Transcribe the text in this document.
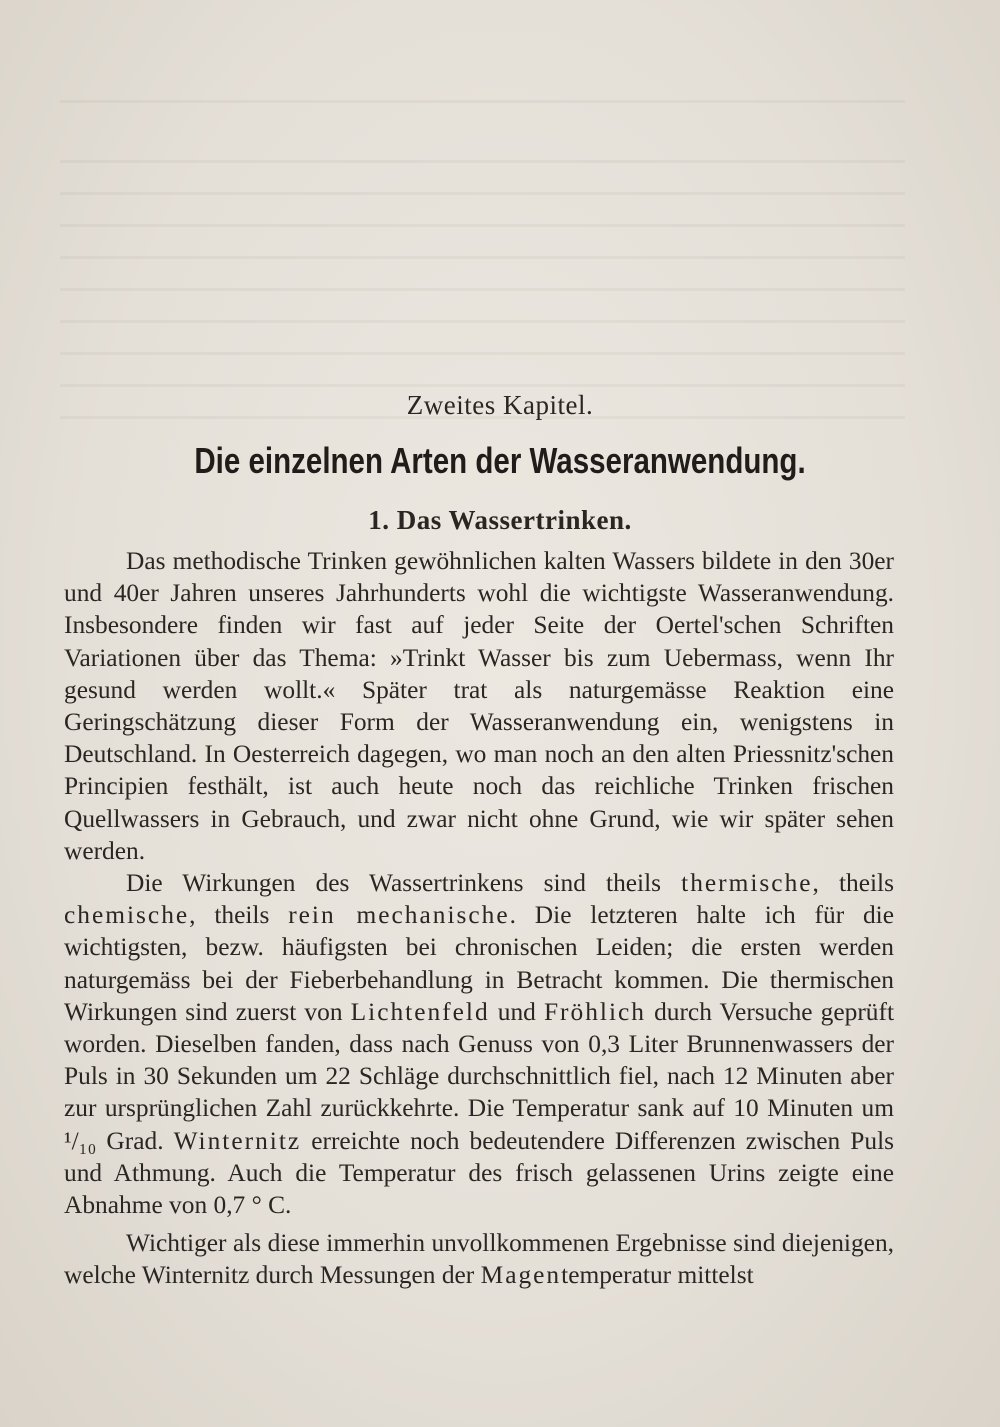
Zweites Kapitel.
Die einzelnen Arten der Wasseranwendung.
1. Das Wassertrinken.

Das methodische Trinken gewöhnlichen kalten Wassers bildete in den 30er und 40er Jahren unseres Jahrhunderts wohl die wichtigste Wasseranwendung. Insbesondere finden wir fast auf jeder Seite der Oertel'schen Schriften Variationen über das Thema: »Trinkt Wasser bis zum Uebermass, wenn Ihr gesund werden wollt.« Später trat als naturgemässe Reaktion eine Geringschätzung dieser Form der Wasseranwendung ein, wenigstens in Deutschland. In Oesterreich dagegen, wo man noch an den alten Priessnitz'schen Principien festhält, ist auch heute noch das reichliche Trinken frischen Quellwassers in Gebrauch, und zwar nicht ohne Grund, wie wir später sehen werden.

Die Wirkungen des Wassertrinkens sind theils thermische, theils chemische, theils rein mechanische. Die letzteren halte ich für die wichtigsten, bezw. häufigsten bei chronischen Leiden; die ersten werden naturgemäss bei der Fieberbehandlung in Betracht kommen. Die thermischen Wirkungen sind zuerst von Lichtenfeld und Fröhlich durch Versuche geprüft worden. Dieselben fanden, dass nach Genuss von 0,3 Liter Brunnenwassers der Puls in 30 Sekunden um 22 Schläge durchschnittlich fiel, nach 12 Minuten aber zur ursprünglichen Zahl zurückkehrte. Die Temperatur sank auf 10 Minuten um ¹/₁₀ Grad. Winternitz erreichte noch bedeutendere Differenzen zwischen Puls und Athmung. Auch die Temperatur des frisch gelassenen Urins zeigte eine Abnahme von 0,7 ° C.

Wichtiger als diese immerhin unvollkommenen Ergebnisse sind diejenigen, welche Winternitz durch Messungen der Magentemperatur mittelst
